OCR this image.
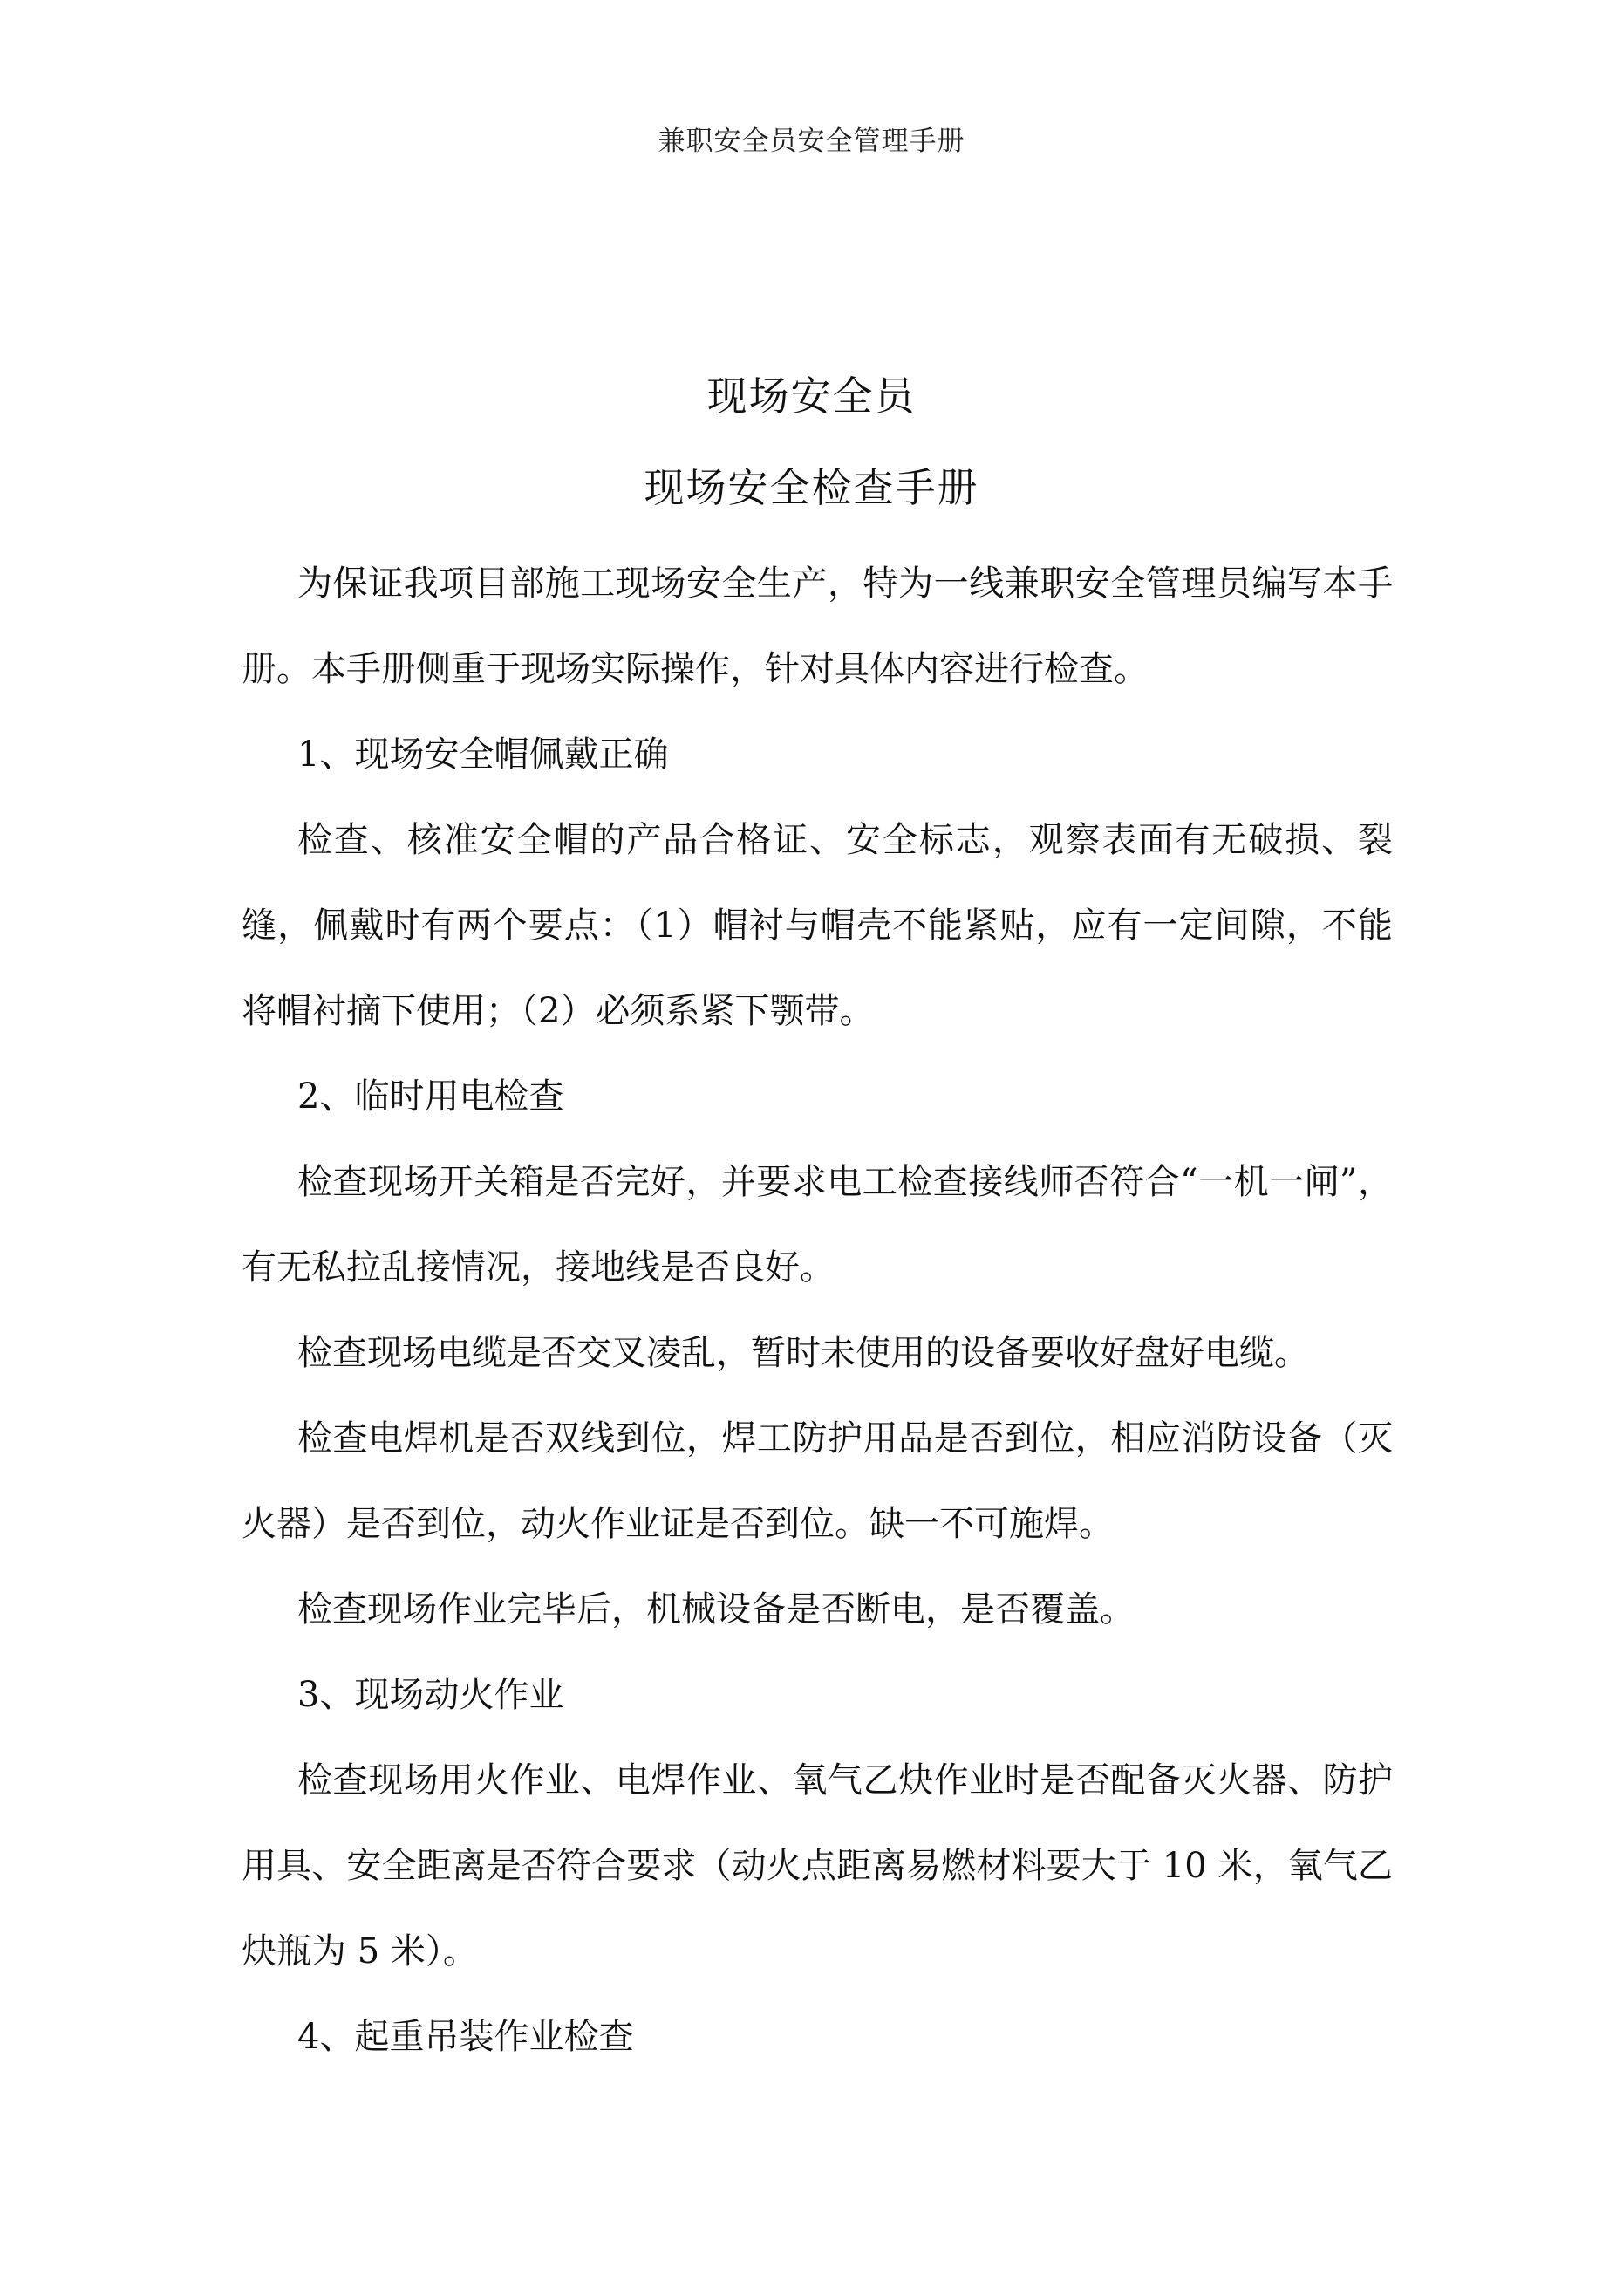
兼职安全员安全管理手册
现场安全员
现场安全检查手册

为保证我项目部施工现场安全生产，特为一线兼职安全管理员编写本手册。本手册侧重于现场实际操作，针对具体内容进行检查。

1、现场安全帽佩戴正确

检查、核准安全帽的产品合格证、安全标志，观察表面有无破损、裂缝，佩戴时有两个要点：（1）帽衬与帽壳不能紧贴，应有一定间隙，不能将帽衬摘下使用；（2）必须系紧下颚带。

2、临时用电检查

检查现场开关箱是否完好，并要求电工检查接线师否符合“一机一闸”，有无私拉乱接情况，接地线是否良好。

检查现场电缆是否交叉凌乱，暂时未使用的设备要收好盘好电缆。

检查电焊机是否双线到位，焊工防护用品是否到位，相应消防设备（灭火器）是否到位，动火作业证是否到位。缺一不可施焊。

检查现场作业完毕后，机械设备是否断电，是否覆盖。

3、现场动火作业

检查现场用火作业、电焊作业、氧气乙炔作业时是否配备灭火器、防护用具、安全距离是否符合要求（动火点距离易燃材料要大于 10 米，氧气乙炔瓶为 5 米）。

4、起重吊装作业检查
